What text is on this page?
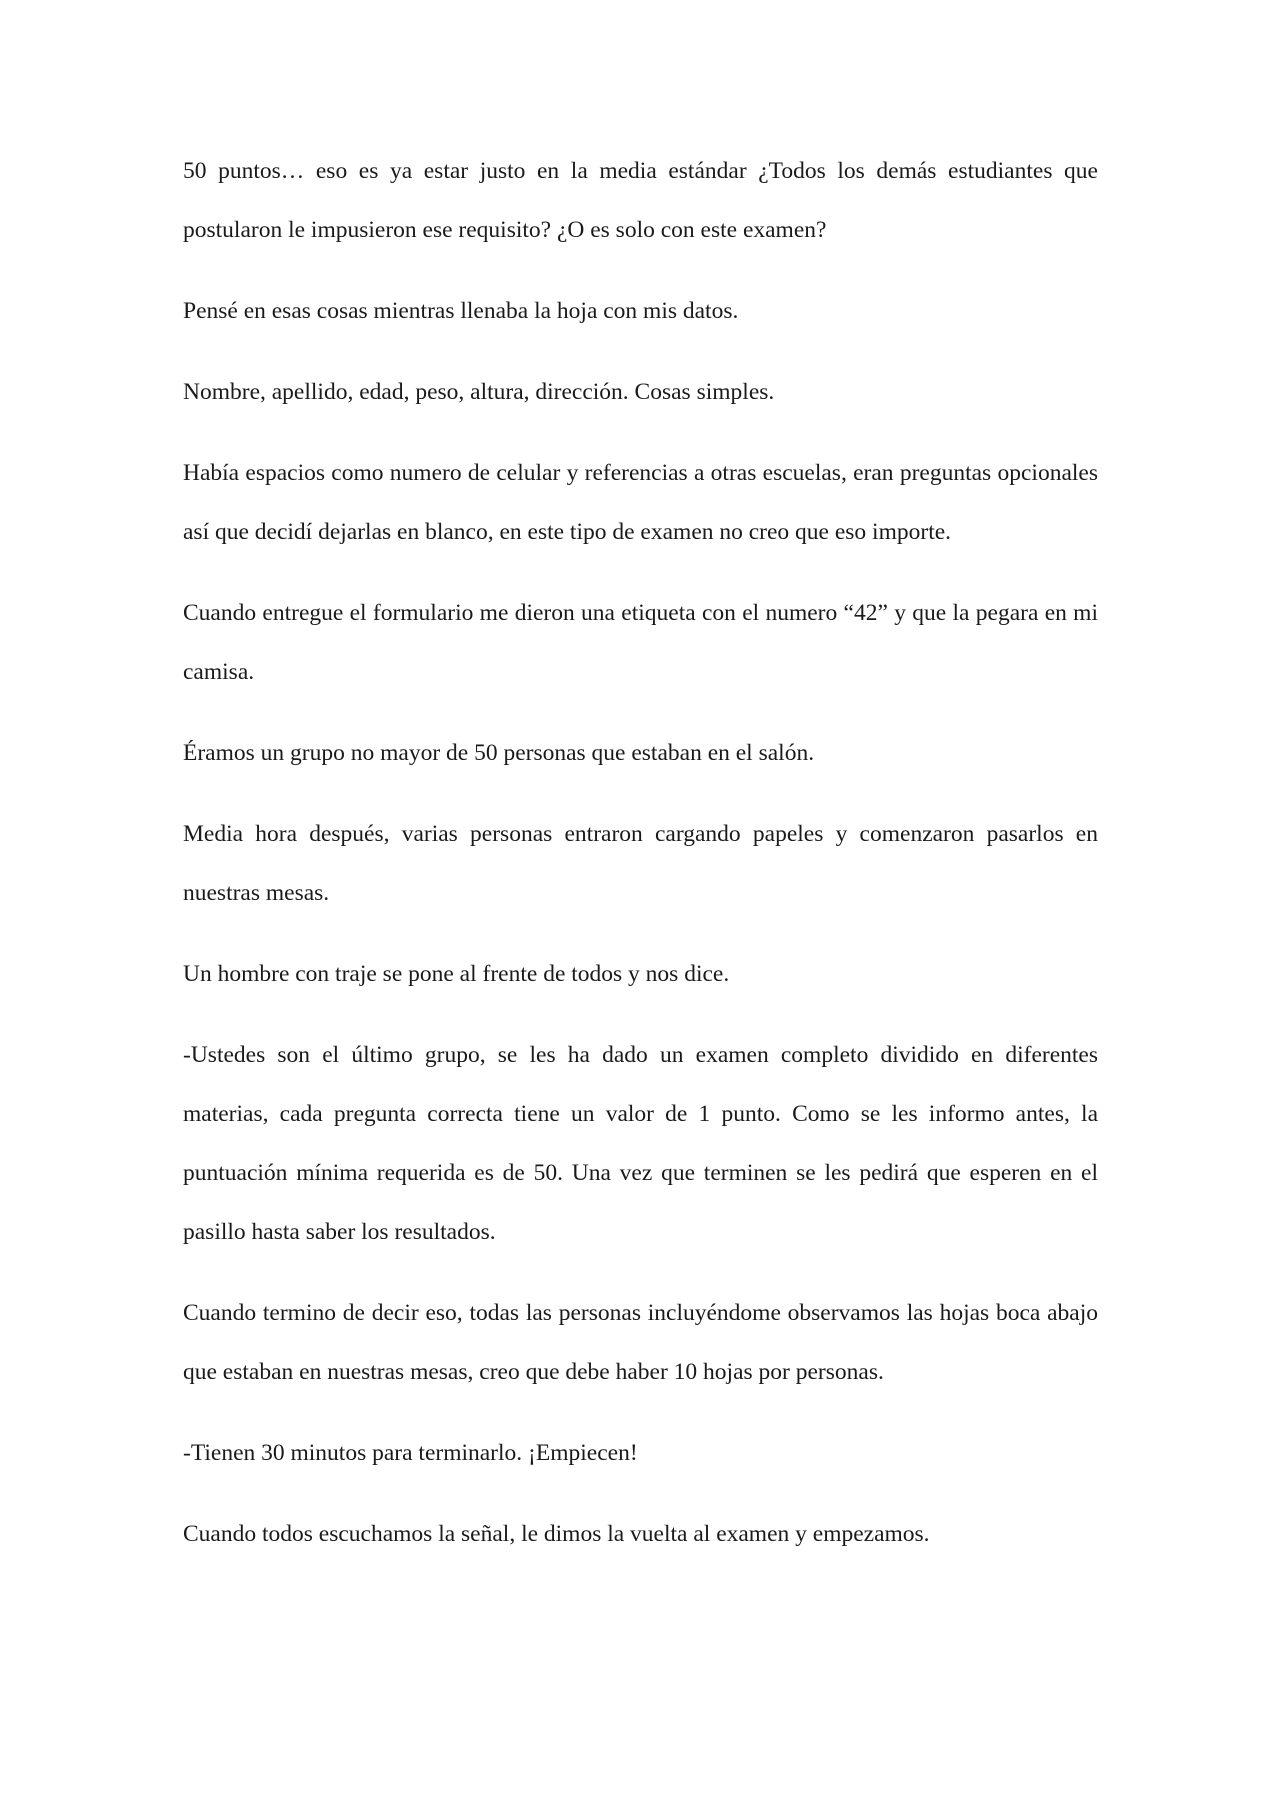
50 puntos… eso es ya estar justo en la media estándar ¿Todos los demás estudiantes que postularon le impusieron ese requisito? ¿O es solo con este examen?

Pensé en esas cosas mientras llenaba la hoja con mis datos.

Nombre, apellido, edad, peso, altura, dirección. Cosas simples.

Había espacios como numero de celular y referencias a otras escuelas, eran preguntas opcionales así que decidí dejarlas en blanco, en este tipo de examen no creo que eso importe.

Cuando entregue el formulario me dieron una etiqueta con el numero “42” y que la pegara en mi camisa.

Éramos un grupo no mayor de 50 personas que estaban en el salón.

Media hora después, varias personas entraron cargando papeles y comenzaron pasarlos en nuestras mesas.

Un hombre con traje se pone al frente de todos y nos dice.

-Ustedes son el último grupo, se les ha dado un examen completo dividido en diferentes materias, cada pregunta correcta tiene un valor de 1 punto. Como se les informo antes, la puntuación mínima requerida es de 50. Una vez que terminen se les pedirá que esperen en el pasillo hasta saber los resultados.

Cuando termino de decir eso, todas las personas incluyéndome observamos las hojas boca abajo que estaban en nuestras mesas, creo que debe haber 10 hojas por personas.

-Tienen 30 minutos para terminarlo. ¡Empiecen!

Cuando todos escuchamos la señal, le dimos la vuelta al examen y empezamos.
